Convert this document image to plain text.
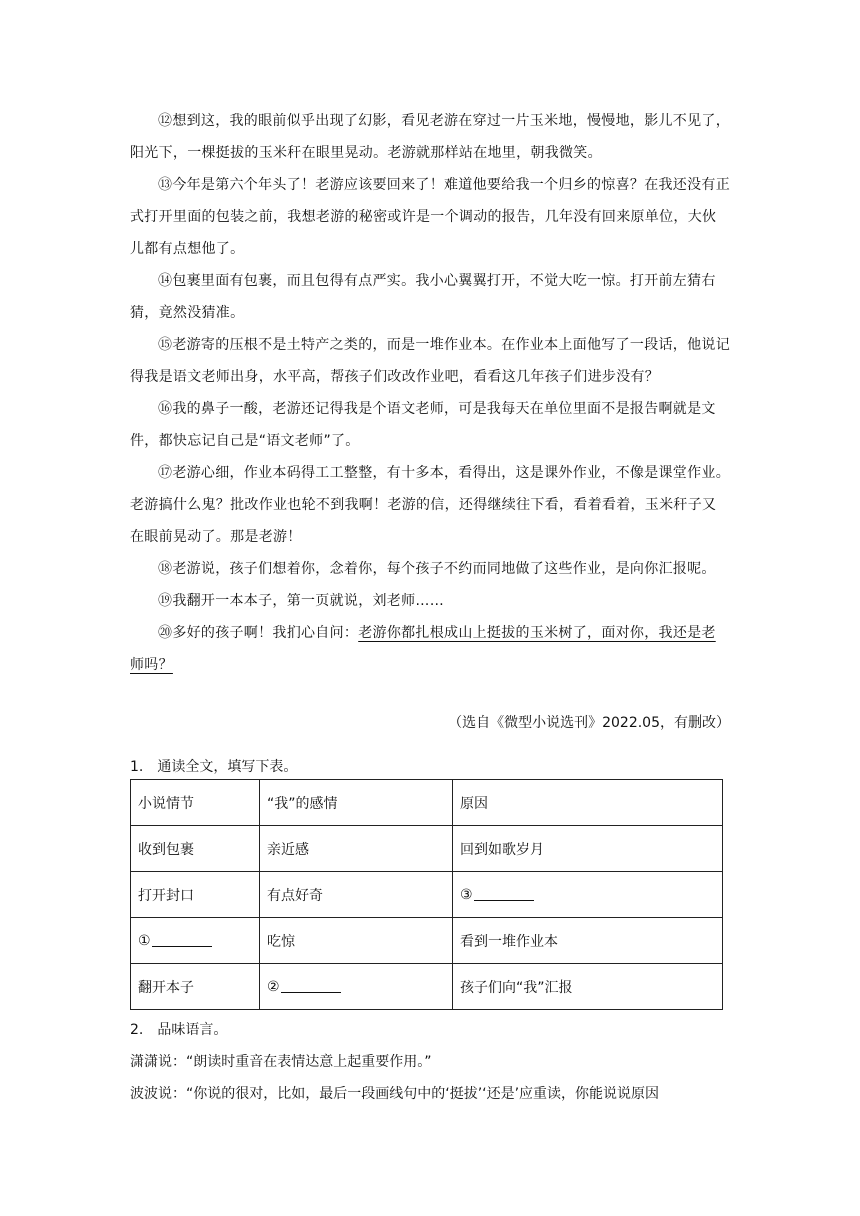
⑫想到这，我的眼前似乎出现了幻影，看见老游在穿过一片玉米地，慢慢地，影儿不见了，阳光下，一棵挺拔的玉米秆在眼里晃动。老游就那样站在地里，朝我微笑。

⑬今年是第六个年头了！老游应该要回来了！难道他要给我一个归乡的惊喜？在我还没有正式打开里面的包装之前，我想老游的秘密或许是一个调动的报告，几年没有回来原单位，大伙儿都有点想他了。

⑭包裹里面有包裹，而且包得有点严实。我小心翼翼打开，不觉大吃一惊。打开前左猜右猜，竟然没猜准。

⑮老游寄的压根不是土特产之类的，而是一堆作业本。在作业本上面他写了一段话，他说记得我是语文老师出身，水平高，帮孩子们改改作业吧，看看这几年孩子们进步没有？

⑯我的鼻子一酸，老游还记得我是个语文老师，可是我每天在单位里面不是报告啊就是文件，都快忘记自己是“语文老师”了。

⑰老游心细，作业本码得工工整整，有十多本，看得出，这是课外作业，不像是课堂作业。老游搞什么鬼？批改作业也轮不到我啊！老游的信，还得继续往下看，看着看着，玉米秆子又在眼前晃动了。那是老游！

⑱老游说，孩子们想着你，念着你，每个孩子不约而同地做了这些作业，是向你汇报呢。

⑲我翻开一本本子，第一页就说，刘老师……

⑳多好的孩子啊！我扪心自问：老游你都扎根成山上挺拔的玉米树了，面对你，我还是老师吗？

（选自《微型小说选刊》2022.05，有删改）

1.　通读全文，填写下表。

小说情节	“我”的感情	原因
收到包裹	亲近感	回到如歌岁月
打开封口	有点好奇	③
①	吃惊	看到一堆作业本
翻开本子	②	孩子们向“我”汇报

2.　品味语言。

潇潇说：“朗读时重音在表情达意上起重要作用。”

波波说：“你说的很对，比如，最后一段画线句中的‘挺拔’‘还是’应重读，你能说说原因
